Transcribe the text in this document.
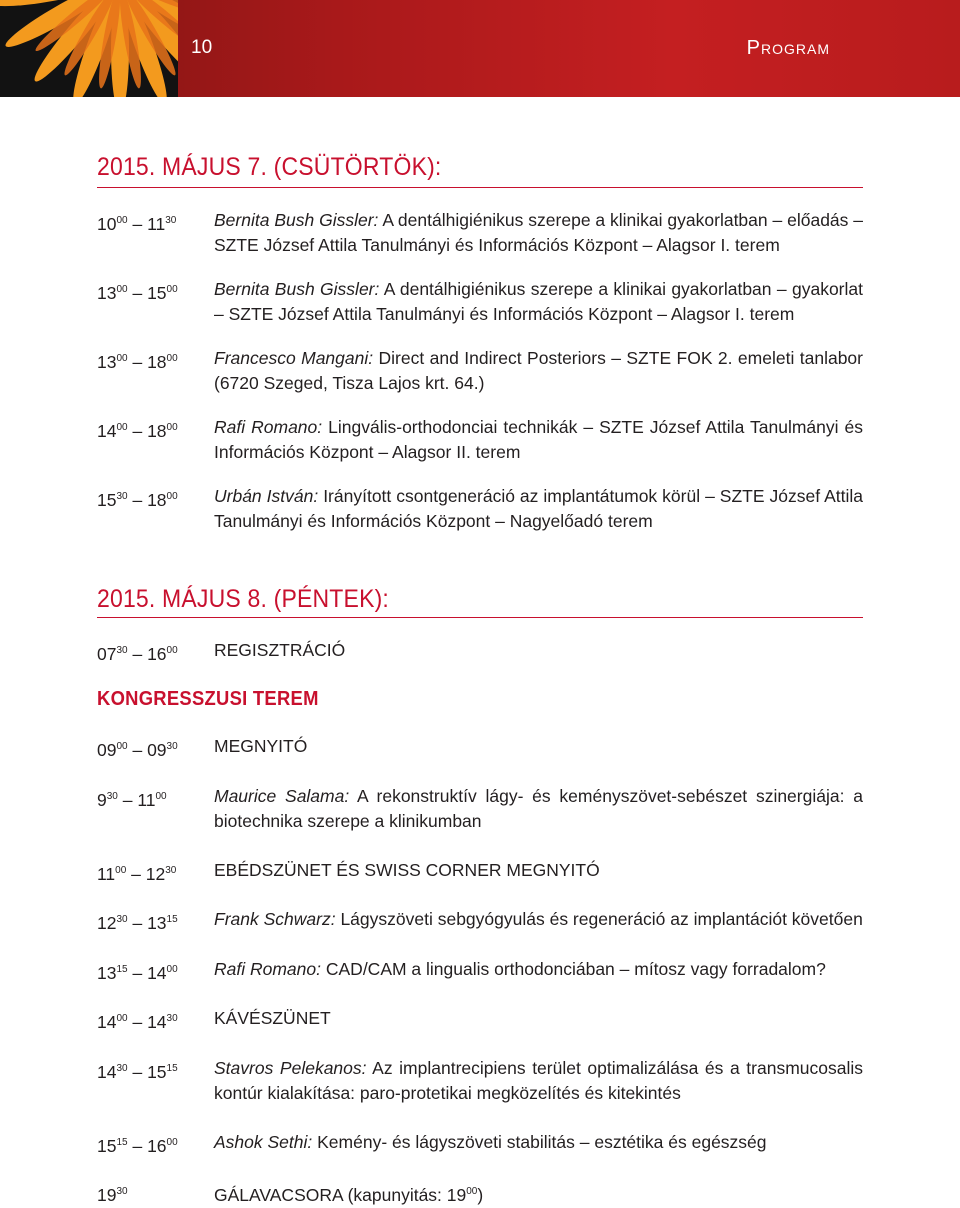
10	Program
2015. MÁJUS 7. (CSÜTÖRTÖK):
$10^{00} - 11^{30}$ Bernita Bush Gissler: A dentálhigiénikus szerepe a klinikai gyakorlatban – előadás – SZTE József Attila Tanulmányi és Információs Központ – Alagsor I. terem
$13^{00} - 15^{00}$ Bernita Bush Gissler: A dentálhigiénikus szerepe a klinikai gyakorlatban – gyakorlat – SZTE József Attila Tanulmányi és Információs Központ – Alagsor I. terem
$13^{00} - 18^{00}$ Francesco Mangani: Direct and Indirect Posteriors – SZTE FOK 2. emeleti tanlabor (6720 Szeged, Tisza Lajos krt. 64.)
$14^{00} - 18^{00}$ Rafi Romano: Lingvális-orthodonciai technikák – SZTE József Attila Tanulmányi és Információs Központ – Alagsor II. terem
$15^{30} - 18^{00}$ Urbán István: Irányított csontgeneráció az implantátumok körül – SZTE József Attila Tanulmányi és Információs Központ – Nagyelőadó terem
2015. MÁJUS 8. (PÉNTEK):
$07^{30} - 16^{00}$ REGISZTRÁCIÓ
KONGRESSZUSI TEREM
$09^{00} - 09^{30}$ MEGNYITÓ
$9^{30} - 11^{00}$	Maurice Salama: A rekonstruktív lágy- és keményszövet-sebészet szinergiája: a biotechnika szerepe a klinikumban
$11^{00} - 12^{30}$ EBÉDSZÜNET ÉS SWISS CORNER MEGNYITÓ
$12^{30} - 13^{15}$ Frank Schwarz: Lágyszöveti sebgyógyulás és regeneráció az implantációt követően
$13^{15} - 14^{00}$ Rafi Romano: CAD/CAM a lingualis orthodonciában – mítosz vagy forradalom?
$14^{00} - 14^{30}$ KÁVÉSZÜNET
$14^{30} - 15^{15}$ Stavros Pelekanos: Az implantrecipiens terület optimalizálása és a transmucosalis kontúr kialakítása: paro-protetikai megközelítés és kitekintés
$15^{15} - 16^{00}$ Ashok Sethi: Kemény- és lágyszöveti stabilitás – esztétika és egészség
$19^{30}$	GÁLAVACSORA (kapunyitás: $19^{00}$)
